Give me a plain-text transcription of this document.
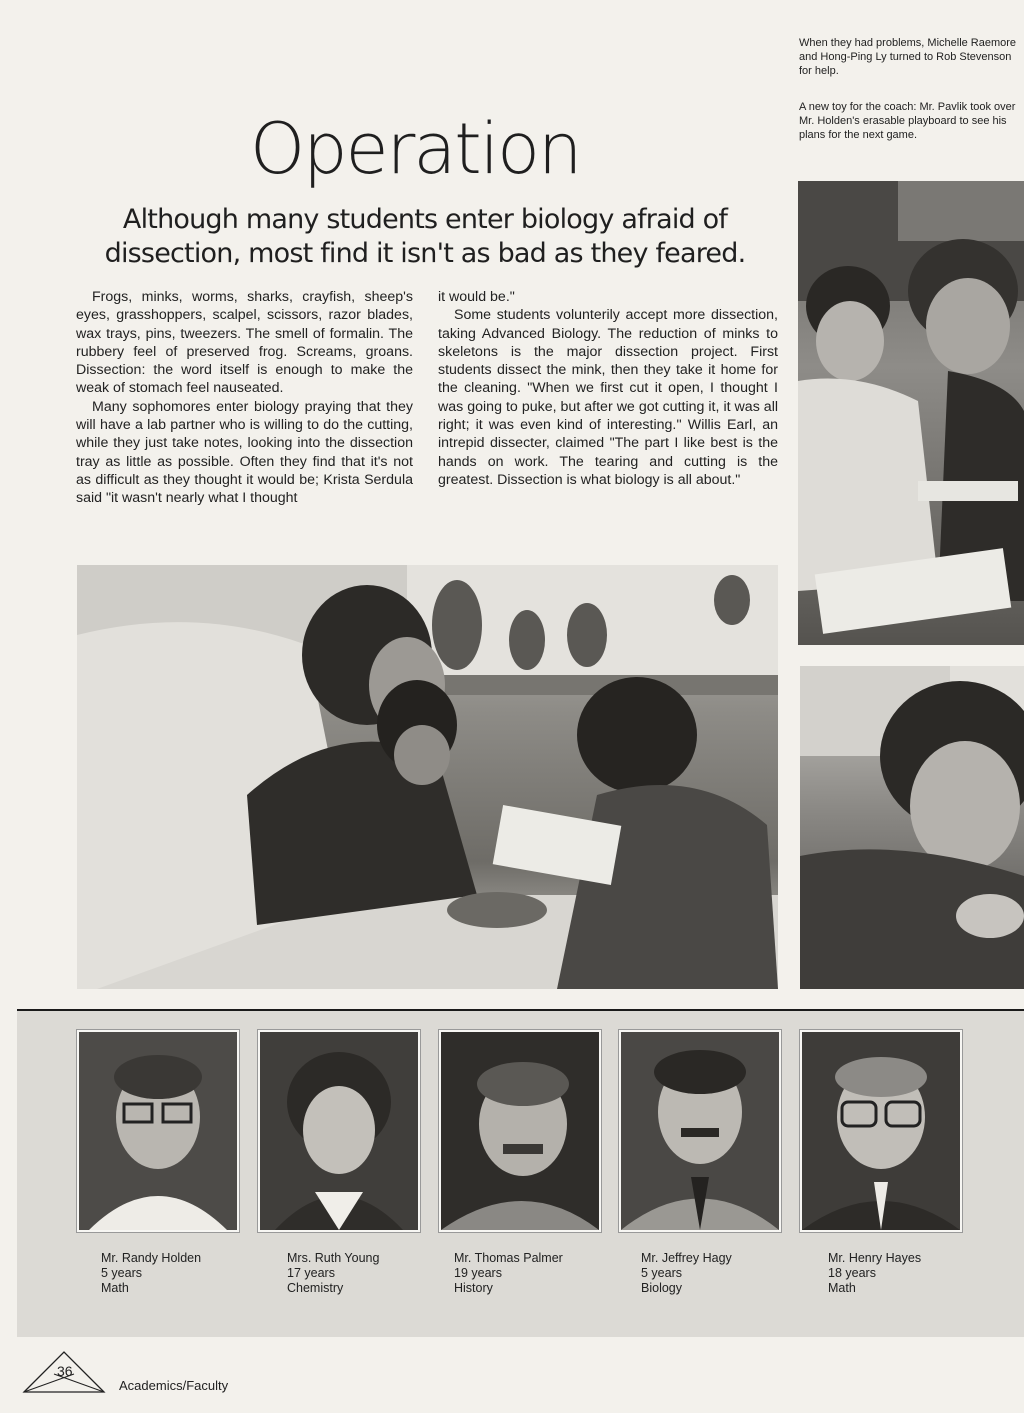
When they had problems, Michelle Raemore and Hong-Ping Ly turned to Rob Stevenson for help.
A new toy for the coach: Mr. Pavlik took over Mr. Holden's erasable playboard to see his plans for the next game.
Operation
Although many students enter biology afraid of dissection, most find it isn't as bad as they feared.

Frogs, minks, worms, sharks, crayfish, sheep's eyes, grasshoppers, scalpel, scissors, razor blades, wax trays, pins, tweezers. The smell of formalin. The rubbery feel of preserved frog. Screams, groans. Dissection: the word itself is enough to make the weak of stomach feel nauseated.

Many sophomores enter biology praying that they will have a lab partner who is willing to do the cutting, while they just take notes, looking into the dissection tray as little as possible. Often they find that it's not as difficult as they thought it would be; Krista Serdula said "it wasn't nearly what I thought

it would be."

Some students volunterily accept more dissection, taking Advanced Biology. The reduction of minks to skeletons is the major dissection project. First students dissect the mink, then they take it home for the cleaning. "When we first cut it open, I thought I was going to puke, but after we got cutting it, it was all right; it was even kind of interesting.'' Willis Earl, an intrepid dissecter, claimed "The part I like best is the hands on work. The tearing and cutting is the greatest. Dissection is what biology is all about."

Mr. Randy Holden
5 years
Math
Mrs. Ruth Young
17 years
Chemistry
Mr. Thomas Palmer
19 years
History
Mr. Jeffrey Hagy
5 years
Biology
Mr. Henry Hayes
18 years
Math
36
Academics/Faculty
